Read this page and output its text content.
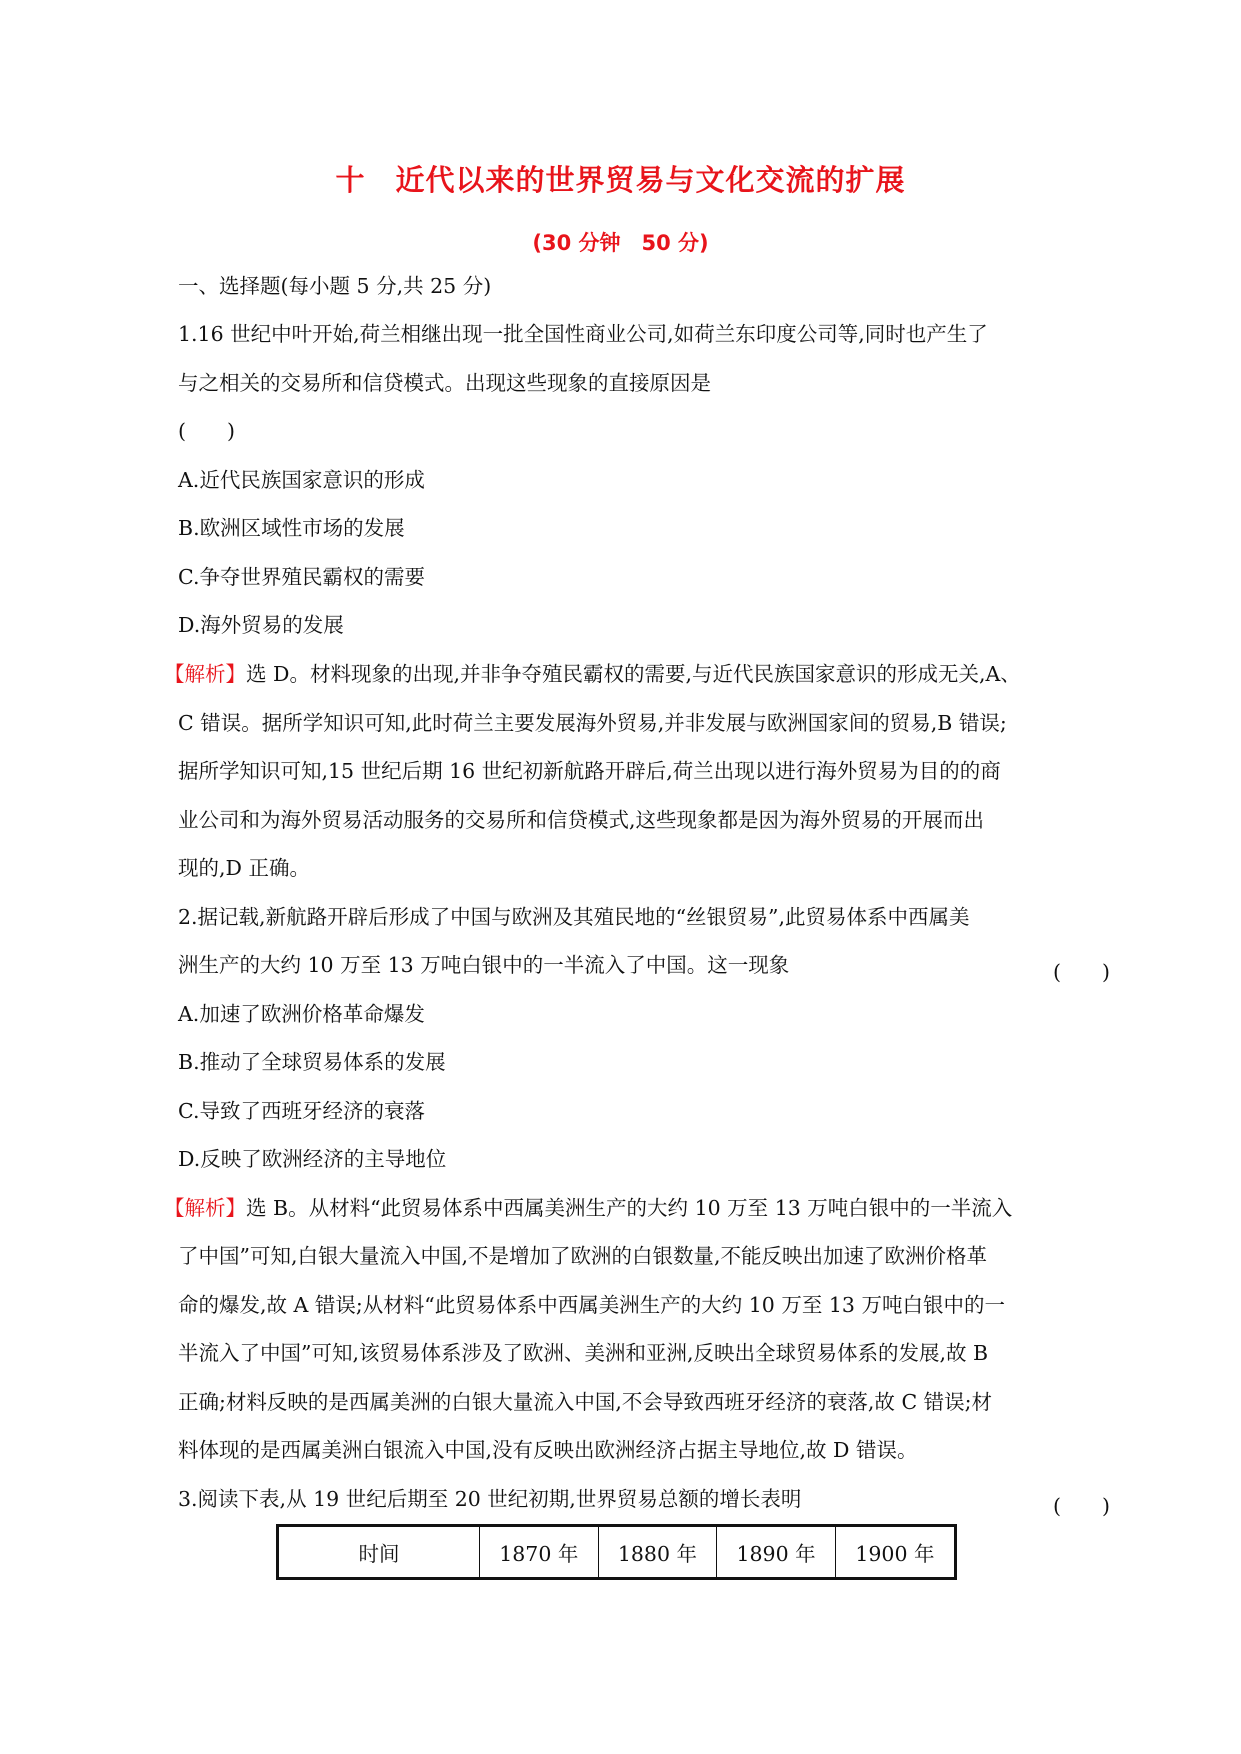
十　近代以来的世界贸易与文化交流的扩展
(30 分钟　50 分)
一、选择题(每小题 5 分,共 25 分)
1.16 世纪中叶开始,荷兰相继出现一批全国性商业公司,如荷兰东印度公司等,同时也产生了
与之相关的交易所和信贷模式。出现这些现象的直接原因是
(　　)
A.近代民族国家意识的形成
B.欧洲区域性市场的发展
C.争夺世界殖民霸权的需要
D.海外贸易的发展
【解析】选 D。材料现象的出现,并非争夺殖民霸权的需要,与近代民族国家意识的形成无关,A、
C 错误。据所学知识可知,此时荷兰主要发展海外贸易,并非发展与欧洲国家间的贸易,B 错误;
据所学知识可知,15 世纪后期 16 世纪初新航路开辟后,荷兰出现以进行海外贸易为目的的商
业公司和为海外贸易活动服务的交易所和信贷模式,这些现象都是因为海外贸易的开展而出
现的,D 正确。
2.据记载,新航路开辟后形成了中国与欧洲及其殖民地的“丝银贸易”,此贸易体系中西属美
洲生产的大约 10 万至 13 万吨白银中的一半流入了中国。这一现象	(　　)
A.加速了欧洲价格革命爆发
B.推动了全球贸易体系的发展
C.导致了西班牙经济的衰落
D.反映了欧洲经济的主导地位
【解析】选 B。从材料“此贸易体系中西属美洲生产的大约 10 万至 13 万吨白银中的一半流入
了中国”可知,白银大量流入中国,不是增加了欧洲的白银数量,不能反映出加速了欧洲价格革
命的爆发,故 A 错误;从材料“此贸易体系中西属美洲生产的大约 10 万至 13 万吨白银中的一
半流入了中国”可知,该贸易体系涉及了欧洲、美洲和亚洲,反映出全球贸易体系的发展,故 B
正确;材料反映的是西属美洲的白银大量流入中国,不会导致西班牙经济的衰落,故 C 错误;材
料体现的是西属美洲白银流入中国,没有反映出欧洲经济占据主导地位,故 D 错误。
3.阅读下表,从 19 世纪后期至 20 世纪初期,世界贸易总额的增长表明	(　　)
时间	1870 年	1880 年	1890 年	1900 年
